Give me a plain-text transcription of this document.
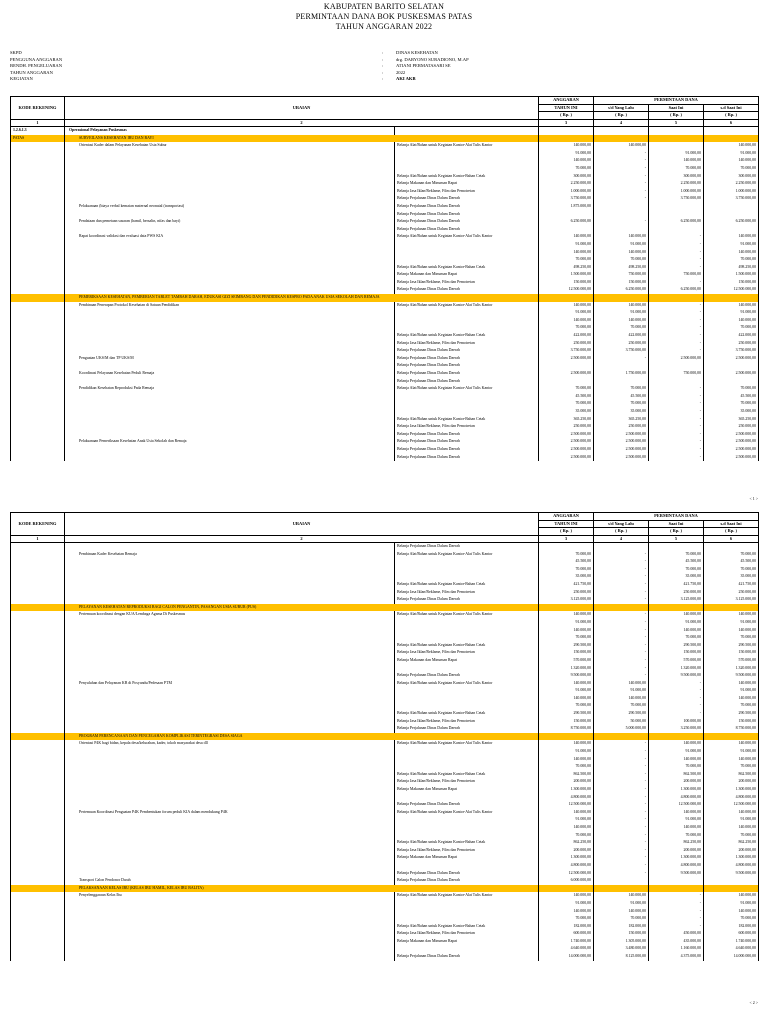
KABUPATEN BARITO SELATAN
PERMINTAAN DANA BOK PUSKESMAS PATAS
TAHUN ANGGARAN 2022
SKPD	:	DINAS KESEHATAN
PENGGUNA ANGGARAN	:	drg. DARYONO SURADIONO, M.AP
BENDH. PENGELUARAN	:	ATIANI PERMATASARI SE
TAHUN ANGGARAN	:	2022
KEGIATAN	:	AKI AKB
KODE REKENING	URAIAN		ANGGARAN	PERMINTAAN DANA		
			TAHUN INI	s/d Yang Lalu	Saat Ini	s.d Saat Ini
			( Rp. )	( Rp. )	( Rp. )	( Rp. )
1	2		3	4	5	6
1.2.6.1.3	Operasional Pelayanan Puskesmas					
PATAS	SURVEILANS KESEHATAN IBU DAN BAYI					
	Orientasi Kader dalam Pelayanan Kesehatan Usia Subur	Belanja Alat/Bahan untuk Kegiatan Kantor-Alat Tulis Kantor	140.000,00	140.000,00		140.000,00
			91.000,00	-	91.000,00	91.000,00
			140.000,00	-	140.000,00	140.000,00
			70.000,00	-	70.000,00	70.000,00
		Belanja Alat/Bahan untuk Kegiatan Kantor-Bahan Cetak	300.000,00	-	300.000,00	300.000,00
		Belanja Makanan dan Minuman Rapat	2.250.000,00	-	2.250.000,00	2.250.000,00
		Belanja Jasa Iklan/Reklame, Film dan Pemotretan	1.000.000,00	-	1.000.000,00	1.000.000,00
		Belanja Perjalanan Dinas Dalam Daerah	3.750.000,00	-	3.750.000,00	3.750.000,00
	Pelaksanaan (biaya verbal kemaian maternal neonatal (transportasi)	Belanja Perjalanan Dinas Dalam Daerah	1.875.000,00			
		Belanja Perjalanan Dinas Dalam Daerah				
	Pendataan dan pemetaan sasaran (hamil, bersalin, nifas dan bayi)	Belanja Perjalanan Dinas Dalam Daerah	6.250.000,00	-	6.250.000,00	6.250.000,00
		Belanja Perjalanan Dinas Dalam Daerah				
	Rapat koordinasi validasi dan evaluasi data PWS KIA	Belanja Alat/Bahan untuk Kegiatan Kantor-Alat Tulis Kantor	140.000,00	140.000,00	-	140.000,00
			91.000,00	91.000,00	-	91.000,00
			140.000,00	140.000,00	-	140.000,00
			70.000,00	70.000,00	-	70.000,00
		Belanja Alat/Bahan untuk Kegiatan Kantor-Bahan Cetak	498.250,00	498.250,00	-	498.250,00
		Belanja Makanan dan Minuman Rapat	1.500.000,00	750.000,00	750.000,00	1.500.000,00
		Belanja Jasa Iklan/Reklame, Film dan Pemotretan	150.000,00	150.000,00	-	150.000,00
		Belanja Perjalanan Dinas Dalam Daerah	12.500.000,00	6.250.000,00	6.250.000,00	12.500.000,00
	PEMERIKSAAN KESEHATAN, PEMBERIAN TABLET TAMBAH DARAH, EDUKASI GIZI SEIMBANG DAN PENDIDIKAN KESPRO PADA ANAK USIA SEKOLAH DAN REMAJA					
	Pembinaan Penerapan Protokol Kesehatan di Satuan Pendidikan	Belanja Alat/Bahan untuk Kegiatan Kantor-Alat Tulis Kantor	140.000,00	140.000,00	-	140.000,00
			91.000,00	91.000,00	-	91.000,00
			140.000,00	140.000,00	-	140.000,00
			70.000,00	70.000,00	-	70.000,00
		Belanja Alat/Bahan untuk Kegiatan Kantor-Bahan Cetak	422.000,00	422.000,00	-	422.000,00
		Belanja Jasa Iklan/Reklame, Film dan Pemotretan	250.000,00	250.000,00	-	250.000,00
		Belanja Perjalanan Dinas Dalam Daerah	3.750.000,00	3.750.000,00	-	3.750.000,00
	Penguatan UKS/M dan TP UKS/M	Belanja Perjalanan Dinas Dalam Daerah	2.500.000,00	-	2.500.000,00	2.500.000,00
		Belanja Perjalanan Dinas Dalam Daerah				
	Koordinasi Pelayanan Kesehatan Peduli Remaja	Belanja Perjalanan Dinas Dalam Daerah	2.500.000,00	1.750.000,00	750.000,00	2.500.000,00
		Belanja Perjalanan Dinas Dalam Daerah				
	Pendidikan Kesehatan Reproduksi Pada Remaja	Belanja Alat/Bahan untuk Kegiatan Kantor-Alat Tulis Kantor	70.000,00	70.000,00	-	70.000,00
			45.500,00	45.500,00	-	45.500,00
			70.000,00	70.000,00	-	70.000,00
			35.000,00	35.000,00	-	35.000,00
		Belanja Alat/Bahan untuk Kegiatan Kantor-Bahan Cetak	365.250,00	365.250,00	-	365.250,00
		Belanja Jasa Iklan/Reklame, Film dan Pemotretan	250.000,00	250.000,00	-	250.000,00
		Belanja Perjalanan Dinas Dalam Daerah	2.500.000,00	2.500.000,00	-	2.500.000,00
	Pelaksanaan Pemeriksaan Kesehatan Anak Usia Sekolah dan Remaja	Belanja Perjalanan Dinas Dalam Daerah	2.500.000,00	2.500.000,00	-	2.500.000,00
		Belanja Perjalanan Dinas Dalam Daerah	2.500.000,00	2.500.000,00	-	2.500.000,00

		Belanja Perjalanan Dinas Dalam Daerah	2.500.000,00	2.500.000,00	-	2.500.000,00
< 1 >
KODE REKENING	URAIAN		ANGGARAN	PERMINTAAN DANA		
			TAHUN INI	s/d Yang Lalu	Saat Ini	s.d Saat Ini
			( Rp. )	( Rp. )	( Rp. )	( Rp. )
1	2		3	4	5	6
		Belanja Perjalanan Dinas Dalam Daerah				
	Pembinaan Kader Kesehatan Remaja	Belanja Alat/Bahan untuk Kegiatan Kantor-Alat Tulis Kantor	70.000,00	-	70.000,00	70.000,00
			45.500,00	-	45.500,00	45.500,00
			70.000,00	-	70.000,00	70.000,00
			35.000,00	-	35.000,00	35.000,00
		Belanja Alat/Bahan untuk Kegiatan Kantor-Bahan Cetak	421.750,00	-	421.750,00	421.750,00
		Belanja Jasa Iklan/Reklame, Film dan Pemotretan	250.000,00	-	250.000,00	250.000,00
		Belanja Perjalanan Dinas Dalam Daerah	3.125.000,00	-	3.125.000,00	3.125.000,00
	PELAYANAN KESEHATAN REPRODUKSI BAGI CALON PENGANTIN, PASANGAN USIA SUBUR (PUS)					
	Pertemuan koordinasi dengan KUA/Lembaga Agama Di Puskesmas	Belanja Alat/Bahan untuk Kegiatan Kantor-Alat Tulis Kantor	140.000,00	-	140.000,00	140.000,00
			91.000,00	-	91.000,00	91.000,00
			140.000,00	-	140.000,00	140.000,00
			70.000,00	-	70.000,00	70.000,00
		Belanja Alat/Bahan untuk Kegiatan Kantor-Bahan Cetak	290.500,00	-	290.500,00	290.500,00
		Belanja Jasa Iklan/Reklame, Film dan Pemotretan	150.000,00	-	150.000,00	150.000,00
		Belanja Makanan dan Minuman Rapat	570.000,00	-	570.000,00	570.000,00
			1.320.000,00	-	1.320.000,00	1.320.000,00
		Belanja Perjalanan Dinas Dalam Daerah	9.500.000,00	-	9.500.000,00	9.500.000,00
	Penyuluhan dan Pelayanan KB di Posyandu/Pedesaan PTM	Belanja Alat/Bahan untuk Kegiatan Kantor-Alat Tulis Kantor	140.000,00	140.000,00	-	140.000,00
			91.000,00	91.000,00	-	91.000,00
			140.000,00	140.000,00	-	140.000,00
			70.000,00	70.000,00	-	70.000,00
		Belanja Alat/Bahan untuk Kegiatan Kantor-Bahan Cetak	290.500,00	290.500,00	-	290.500,00
		Belanja Jasa Iklan/Reklame, Film dan Pemotretan	150.000,00	50.000,00	100.000,00	150.000,00
		Belanja Perjalanan Dinas Dalam Daerah	8.750.000,00	5.000.000,00	3.250.000,00	8.750.000,00
	PROGRAM PERENCANAAN DAN PENCEGAHAN KOMPLIKASI TERINTEGRASI DESA SIAGA					
	Orientasi P4K bagi bidan, kepala desa/kelurahan, kader, tokoh masyarakat desa dll	Belanja Alat/Bahan untuk Kegiatan Kantor-Alat Tulis Kantor	140.000,00	-	140.000,00	140.000,00
			91.000,00	-	91.000,00	91.000,00
			140.000,00	-	140.000,00	140.000,00
			70.000,00	-	70.000,00	70.000,00
		Belanja Alat/Bahan untuk Kegiatan Kantor-Bahan Cetak	862.500,00	-	862.500,00	862.500,00
		Belanja Jasa Iklan/Reklame, Film dan Pemotretan	200.000,00	-	200.000,00	200.000,00
		Belanja Makanan dan Minuman Rapat	1.300.000,00	-	1.300.000,00	1.300.000,00
			4.800.000,00	-	4.800.000,00	4.800.000,00
		Belanja Perjalanan Dinas Dalam Daerah	12.500.000,00	-	12.500.000,00	12.500.000,00
	Pertemuan Koordinasi Penguatan P4K Pembentukan forum peduli KIA dalam mendukung P4K	Belanja Alat/Bahan untuk Kegiatan Kantor-Alat Tulis Kantor	140.000,00	-	140.000,00	140.000,00
			91.000,00	-	91.000,00	91.000,00
			140.000,00	-	140.000,00	140.000,00
			70.000,00	-	70.000,00	70.000,00
		Belanja Alat/Bahan untuk Kegiatan Kantor-Bahan Cetak	862.250,00	-	862.250,00	862.250,00
		Belanja Jasa Iklan/Reklame, Film dan Pemotretan	200.000,00	-	200.000,00	200.000,00
		Belanja Makanan dan Minuman Rapat	1.300.000,00	-	1.300.000,00	1.300.000,00
			4.800.000,00	-	4.800.000,00	4.800.000,00
		Belanja Perjalanan Dinas Dalam Daerah	12.500.000,00	-	9.500.000,00	9.500.000,00
	Transport Calon Pendonor Darah	Belanja Perjalanan Dinas Dalam Daerah	6.000.000,00			
	PELAKSANAAN KELAS IBU (KELAS IBU HAMIL, KELAS IBU BALITA)					
	Penyelenggaraan Kelas Ibu	Belanja Alat/Bahan untuk Kegiatan Kantor-Alat Tulis Kantor	140.000,00	140.000,00	-	140.000,00
			91.000,00	91.000,00	-	91.000,00
			140.000,00	140.000,00	-	140.000,00
			70.000,00	70.000,00	-	70.000,00
		Belanja Alat/Bahan untuk Kegiatan Kantor-Bahan Cetak	182.000,00	182.000,00	-	182.000,00
		Belanja Jasa Iklan/Reklame, Film dan Pemotretan	600.000,00	150.000,00	450.000,00	600.000,00
		Belanja Makanan dan Minuman Rapat	1.740.000,00	1.305.000,00	435.000,00	1.740.000,00
			4.640.000,00	3.480.000,00	1.160.000,00	4.640.000,00
		Belanja Perjalanan Dinas Dalam Daerah	14.000.000,00	8.125.000,00	4.375.000,00	14.000.000,00
< 2 >
